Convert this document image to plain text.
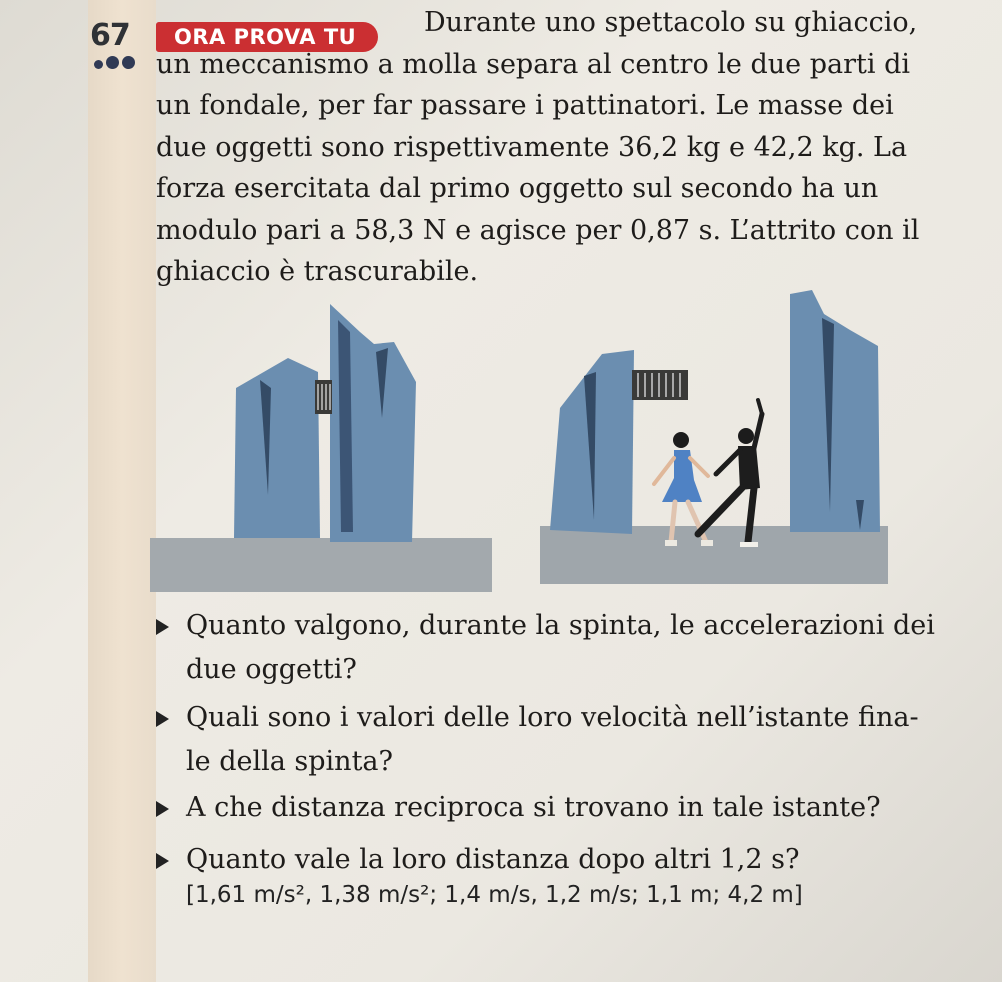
67	ORA PROVA TU	Durante uno spettacolo su ghiaccio, un meccanismo a molla separa al centro le due parti di un fondale, per far passare i pattinatori. Le masse dei due oggetti sono rispettivamente 36,2 kg e 42,2 kg. La forza esercitata dal primo oggetto sul secondo ha un modulo pari a 58,3 N e agisce per 0,87 s. L’attrito con il ghiaccio è trascurabile.

Quanto valgono, durante la spinta, le accelerazioni dei due oggetti?
Quali sono i valori delle loro velocità nell’istante fina-le della spinta?
A che distanza reciproca si trovano in tale istante?
Quanto vale la loro distanza dopo altri 1,2 s?

[1,61 m/s², 1,38 m/s²; 1,4 m/s, 1,2 m/s; 1,1 m; 4,2 m]
